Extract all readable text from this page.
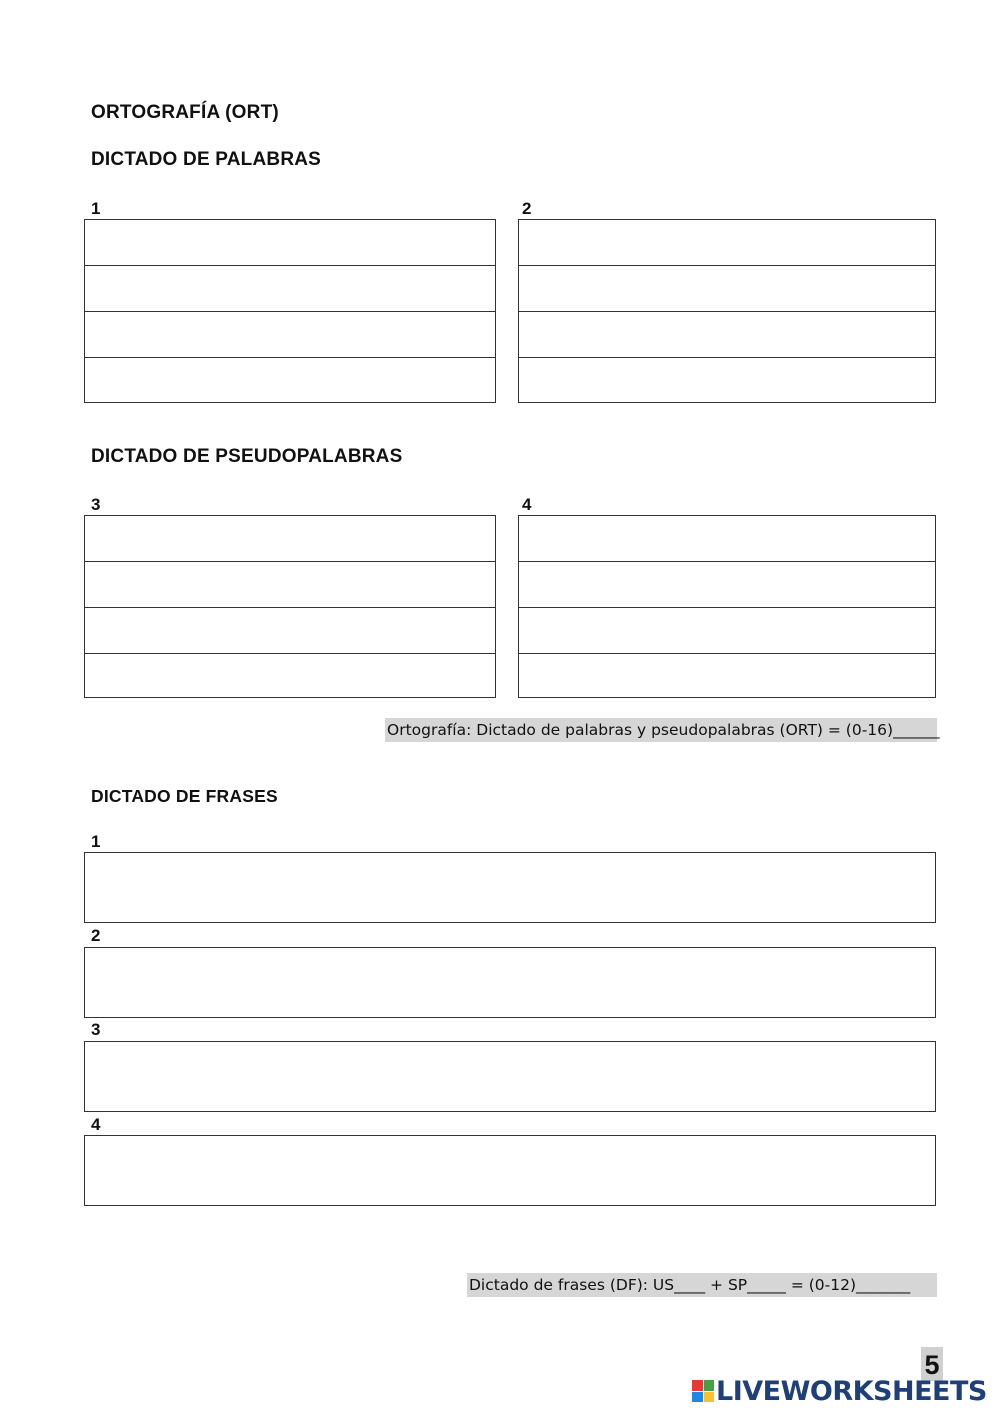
ORTOGRAFÍA (ORT)
DICTADO DE PALABRAS
1	2
DICTADO DE PSEUDOPALABRAS
3	4
Ortografía: Dictado de palabras y pseudopalabras (ORT) = (0-16)______
DICTADO DE FRASES
1
2
3
4
Dictado de frases (DF): US____ + SP_____ = (0-12)_______
5
LIVEWORKSHEETS
